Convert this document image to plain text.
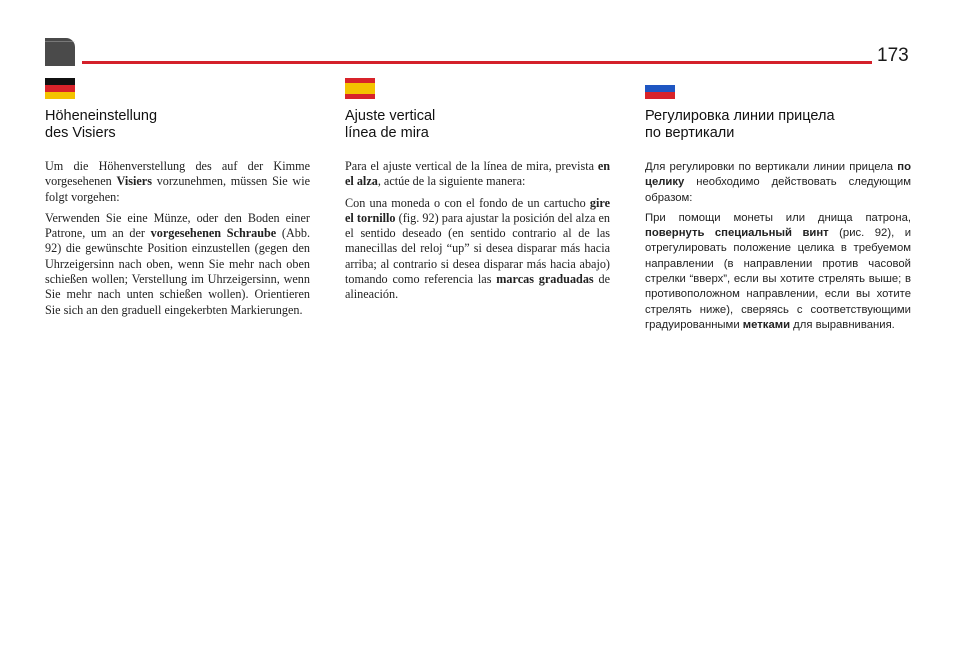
173
Höheneinstellung
des Visiers

Um die Höhenverstellung des auf der Kimme vorgesehenen Visiers vorzunehmen, müssen Sie wie folgt vorgehen:

Verwenden Sie eine Münze, oder den Boden einer Patrone, um an der vorgesehenen Schraube (Abb. 92) die gewünschte Position einzustellen (gegen den Uhrzeigersinn nach oben, wenn Sie mehr nach oben schießen wollen; Verstellung im Uhrzeigersinn, wenn Sie mehr nach unten schießen wollen). Orientieren Sie sich an den graduell eingekerbten Markierungen.

Ajuste vertical
línea de mira

Para el ajuste vertical de la línea de mira, prevista en el alza, actúe de la siguiente manera:

Con una moneda o con el fondo de un cartucho gire el tornillo (fig. 92) para ajustar la posición del alza en el sentido deseado (en sentido contrario al de las manecillas del reloj “up” si desea disparar más hacia arriba; al contrario si desea disparar más hacia abajo) tomando como referencia las marcas graduadas de alineación.

Регулировка линии прицела
по вертикали

Для регулировки по вертикали линии прицела по целику необходимо действовать следующим образом:

При помощи монеты или днища патрона, повернуть специальный винт (рис. 92), и отрегулировать положение целика в требуемом направлении (в направлении против часовой стрелки “вверх”, если вы хотите стрелять выше; в противоположном направлении, если вы хотите стрелять ниже), сверяясь с соответствующими градуированными метками для выравнивания.
